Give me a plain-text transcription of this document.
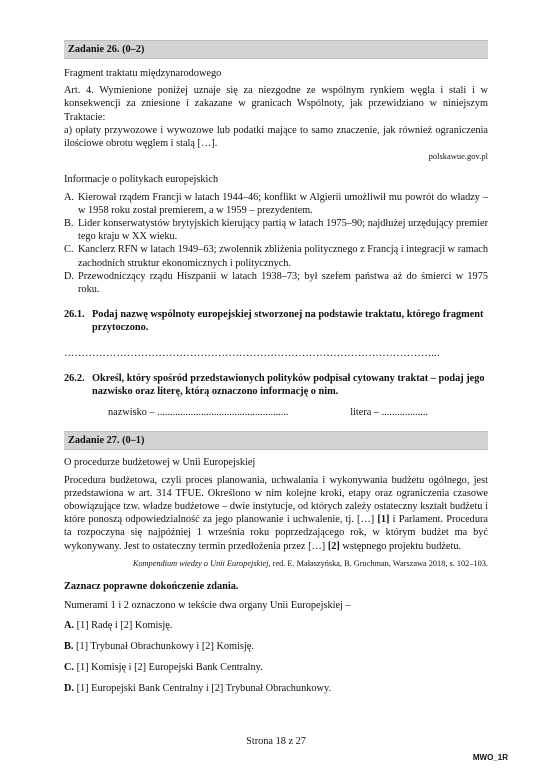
Zadanie 26. (0–2)

Fragment traktatu międzynarodowego

Art. 4. Wymienione poniżej uznaje się za niezgodne ze wspólnym rynkiem węgla i stali i w konsekwencji za zniesione i zakazane w granicach Wspólnoty, jak przewidziano w niniejszym Traktacie:

a) opłaty przywozowe i wywozowe lub podatki mające to samo znaczenie, jak również ograniczenia ilościowe obrotu węglem i stalą […].

polskawue.gov.pl

Informacje o politykach europejskich

A. Kierował rządem Francji w latach 1944–46; konflikt w Algierii umożliwił mu powrót do władzy – w 1958 roku został premierem, a w 1959 – prezydentem.
B. Lider konserwatystów brytyjskich kierujący partią w latach 1975–90; najdłużej urzędujący premier tego kraju w XX wieku.
C. Kanclerz RFN w latach 1949–63; zwolennik zbliżenia politycznego z Francją i integracji w ramach zachodnich struktur ekonomicznych i politycznych.
D. Przewodniczący rządu Hiszpanii w latach 1938–73; był szefem państwa aż do śmierci w 1975 roku.
26.1. Podaj nazwę wspólnoty europejskiej stworzonej na podstawie traktatu, którego fragment przytoczono.
……………………………………………………………………………………………...
26.2. Określ, który spośród przedstawionych polityków podpisał cytowany traktat – podaj jego nazwisko oraz literę, którą oznaczono informację o nim.
nazwisko – ...................................................	litera – ..................
Zadanie 27. (0–1)

O procedurze budżetowej w Unii Europejskiej

Procedura budżetowa, czyli proces planowania, uchwalania i wykonywania budżetu ogólnego, jest przedstawiona w art. 314 TFUE. Określono w nim kolejne kroki, etapy oraz ograniczenia czasowe obowiązujące tzw. władze budżetowe – dwie instytucje, od których zależy ostateczny kształt budżetu i które ponoszą odpowiedzialność za jego planowanie i uchwalenie, tj. […] [1] i Parlament. Procedura ta rozpoczyna się najpóźniej 1 września roku poprzedzającego rok, w którym budżet ma być wykonywany. Jest to ostateczny termin przedłożenia przez […] [2] wstępnego projektu budżetu.

Kompendium wiedzy o Unii Europejskiej, red. E. Małaszyńska, B. Gruchman, Warszawa 2018, s. 102–103.

Zaznacz poprawne dokończenie zdania.

Numerami 1 i 2 oznaczono w tekście dwa organy Unii Europejskiej –

A. [1] Radę i [2] Komisję.

B. [1] Trybunał Obrachunkowy i [2] Komisję.

C. [1] Komisję i [2] Europejski Bank Centralny.

D. [1] Europejski Bank Centralny i [2] Trybunał Obrachunkowy.

Strona 18 z 27
MWO_1R
